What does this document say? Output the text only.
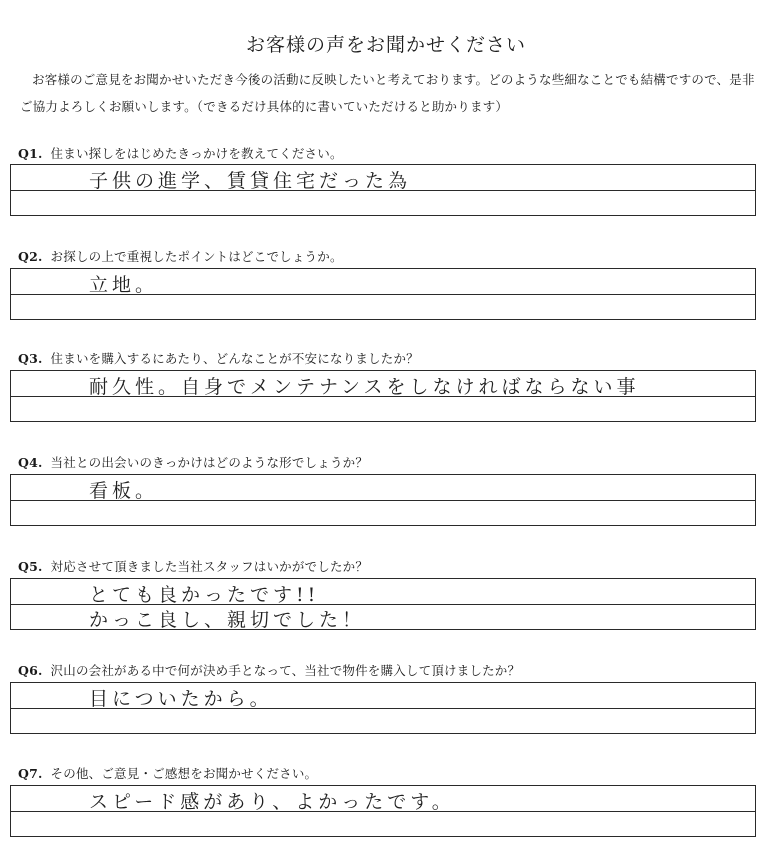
お客様の声をお聞かせください
お客様のご意見をお聞かせいただき今後の活動に反映したいと考えております。どのような些細なことでも結構ですので、是非ご協力よろしくお願いします。（できるだけ具体的に書いていただけると助かります）
Q1. 住まい探しをはじめたきっかけを教えてください。
子供の進学、賃貸住宅だった為
Q2. お探しの上で重視したポイントはどこでしょうか。
立地。
Q3. 住まいを購入するにあたり、どんなことが不安になりましたか？
耐久性。自身でメンテナンスをしなければならない事
Q4. 当社との出会いのきっかけはどのような形でしょうか？
看板。
Q5. 対応させて頂きました当社スタッフはいかがでしたか？
とても良かったです!!
かっこ良し、親切でした！
Q6. 沢山の会社がある中で何が決め手となって、当社で物件を購入して頂けましたか？
目についたから。
Q7. その他、ご意見・ご感想をお聞かせください。
スピード感があり、よかったです。
